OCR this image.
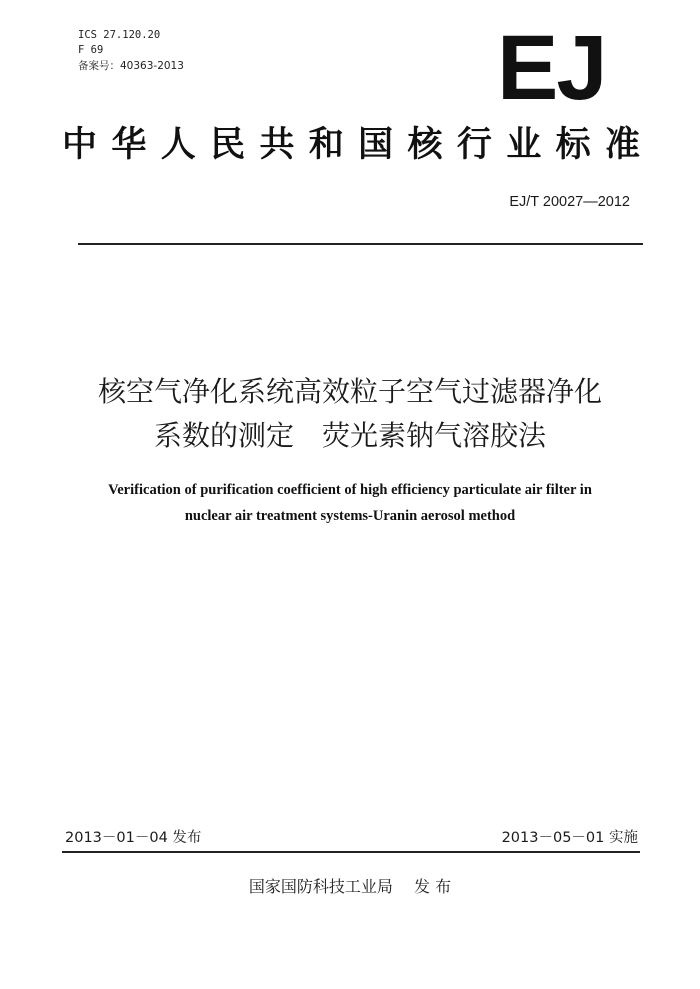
ICS 27.120.20
F 69
备案号：40363-2013	EJ
中华人民共和国核行业标准
EJ/T 20027—2012
核空气净化系统高效粒子空气过滤器净化
系数的测定　荧光素钠气溶胶法
Verification of purification coefficient of high efficiency particulate air filter in
nuclear air treatment systems-Uranin aerosol method
2013－01－04 发布	2013－05－01 实施
国家国防科技工业局 发 布
